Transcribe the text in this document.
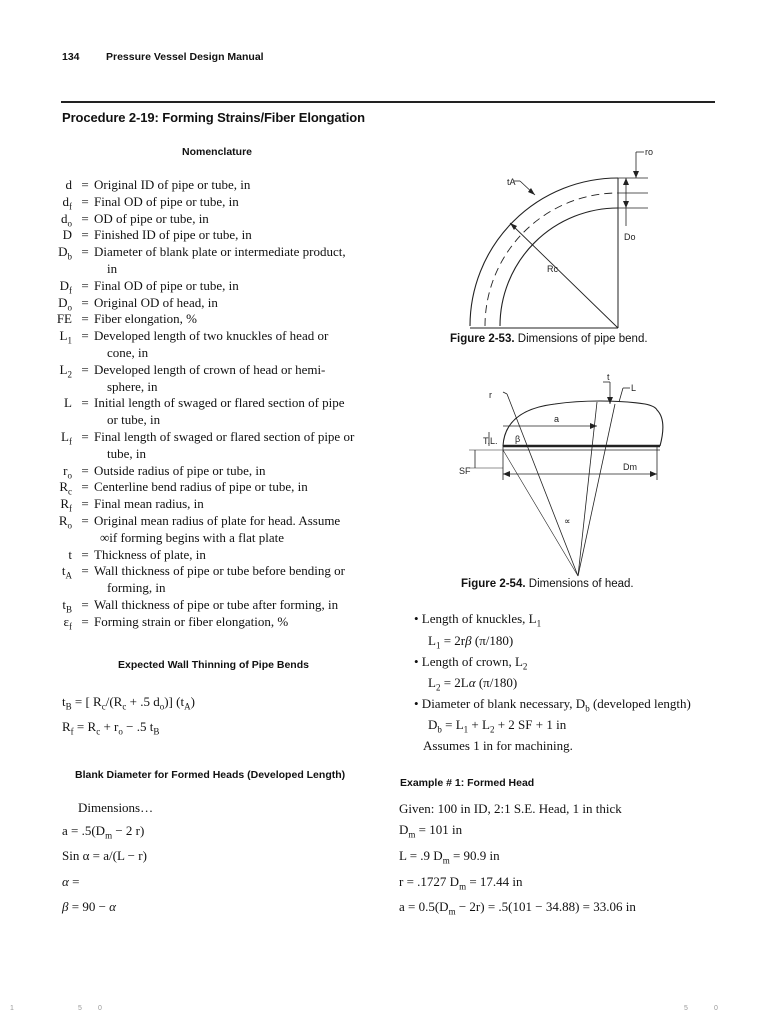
134	Pressure Vessel Design Manual
Procedure 2-19: Forming Strains/Fiber Elongation
Nomenclature
d = Original ID of pipe or tube, in
$d_f$ = Final OD of pipe or tube, in
$d_o$ = OD of pipe or tube, in
D = Finished ID of pipe or tube, in
$D_b$ = Diameter of blank plate or intermediate product,
in
$D_f$ = Final OD of pipe or tube, in
$D_o$ = Original OD of head, in
FE = Fiber elongation, %
$L_1$ = Developed length of two knuckles of head or
cone, in
$L_2$ = Developed length of crown of head or hemi-
sphere, in
L = Initial length of swaged or flared section of pipe
or tube, in
$L_f$ = Final length of swaged or flared section of pipe or
tube, in
$r_o$ = Outside radius of pipe or tube, in
$R_c$ = Centerline bend radius of pipe or tube, in
$R_f$ = Final mean radius, in
$R_o$ = Original mean radius of plate for head. Assume
∞if forming begins with a flat plate
t = Thickness of plate, in
$t_A$ = Wall thickness of pipe or tube before bending or
forming, in
$t_B$ = Wall thickness of pipe or tube after forming, in
$\varepsilon_f = Forming$ strain or fiber elongation, %
Expected Wall Thinning of Pipe Bends
$t_B$ = [ $R_c/(R_c + .5$ $d_o$)] $(t_A)$
$R_f = R_c + r_o - .5$ $t_B$
Blank Diameter for Formed Heads (Developed Length)
Dimensions…
$a = .5(D_m - 2$ r)
Sin α = a/(L − r)
α =
β = 90 − α
ro
tA
Do
Rc
Figure 2-53. Dimensions of pipe bend.
t
L
r
a
T.L. β
SF	Dm
∝
Figure 2-54. Dimensions of head.
• Length of knuckles, $L_1$
$L_1 = 2r\beta$ (π/180)
• Length of crown, $L_2$
$L_2 = 2L\alpha$ (π/180)
• Diameter of blank necessary, $D_b$ (developed length)
$D_b = L_1 + L_2 + 2$ SF + 1 in
Assumes 1 in for machining.
Example # 1: Formed Head
Given: 100 in ID, 2:1 S.E. Head, 1 in thick
$D_m = 101$ in
L = .9 $D_m = 90.9$ in
r = .1727 $D_m = 17.44$ in
$a = 0.5(D_m - 2r) = .5(101 - 34.88) = 33.06$ in
1	5 0	5	0
